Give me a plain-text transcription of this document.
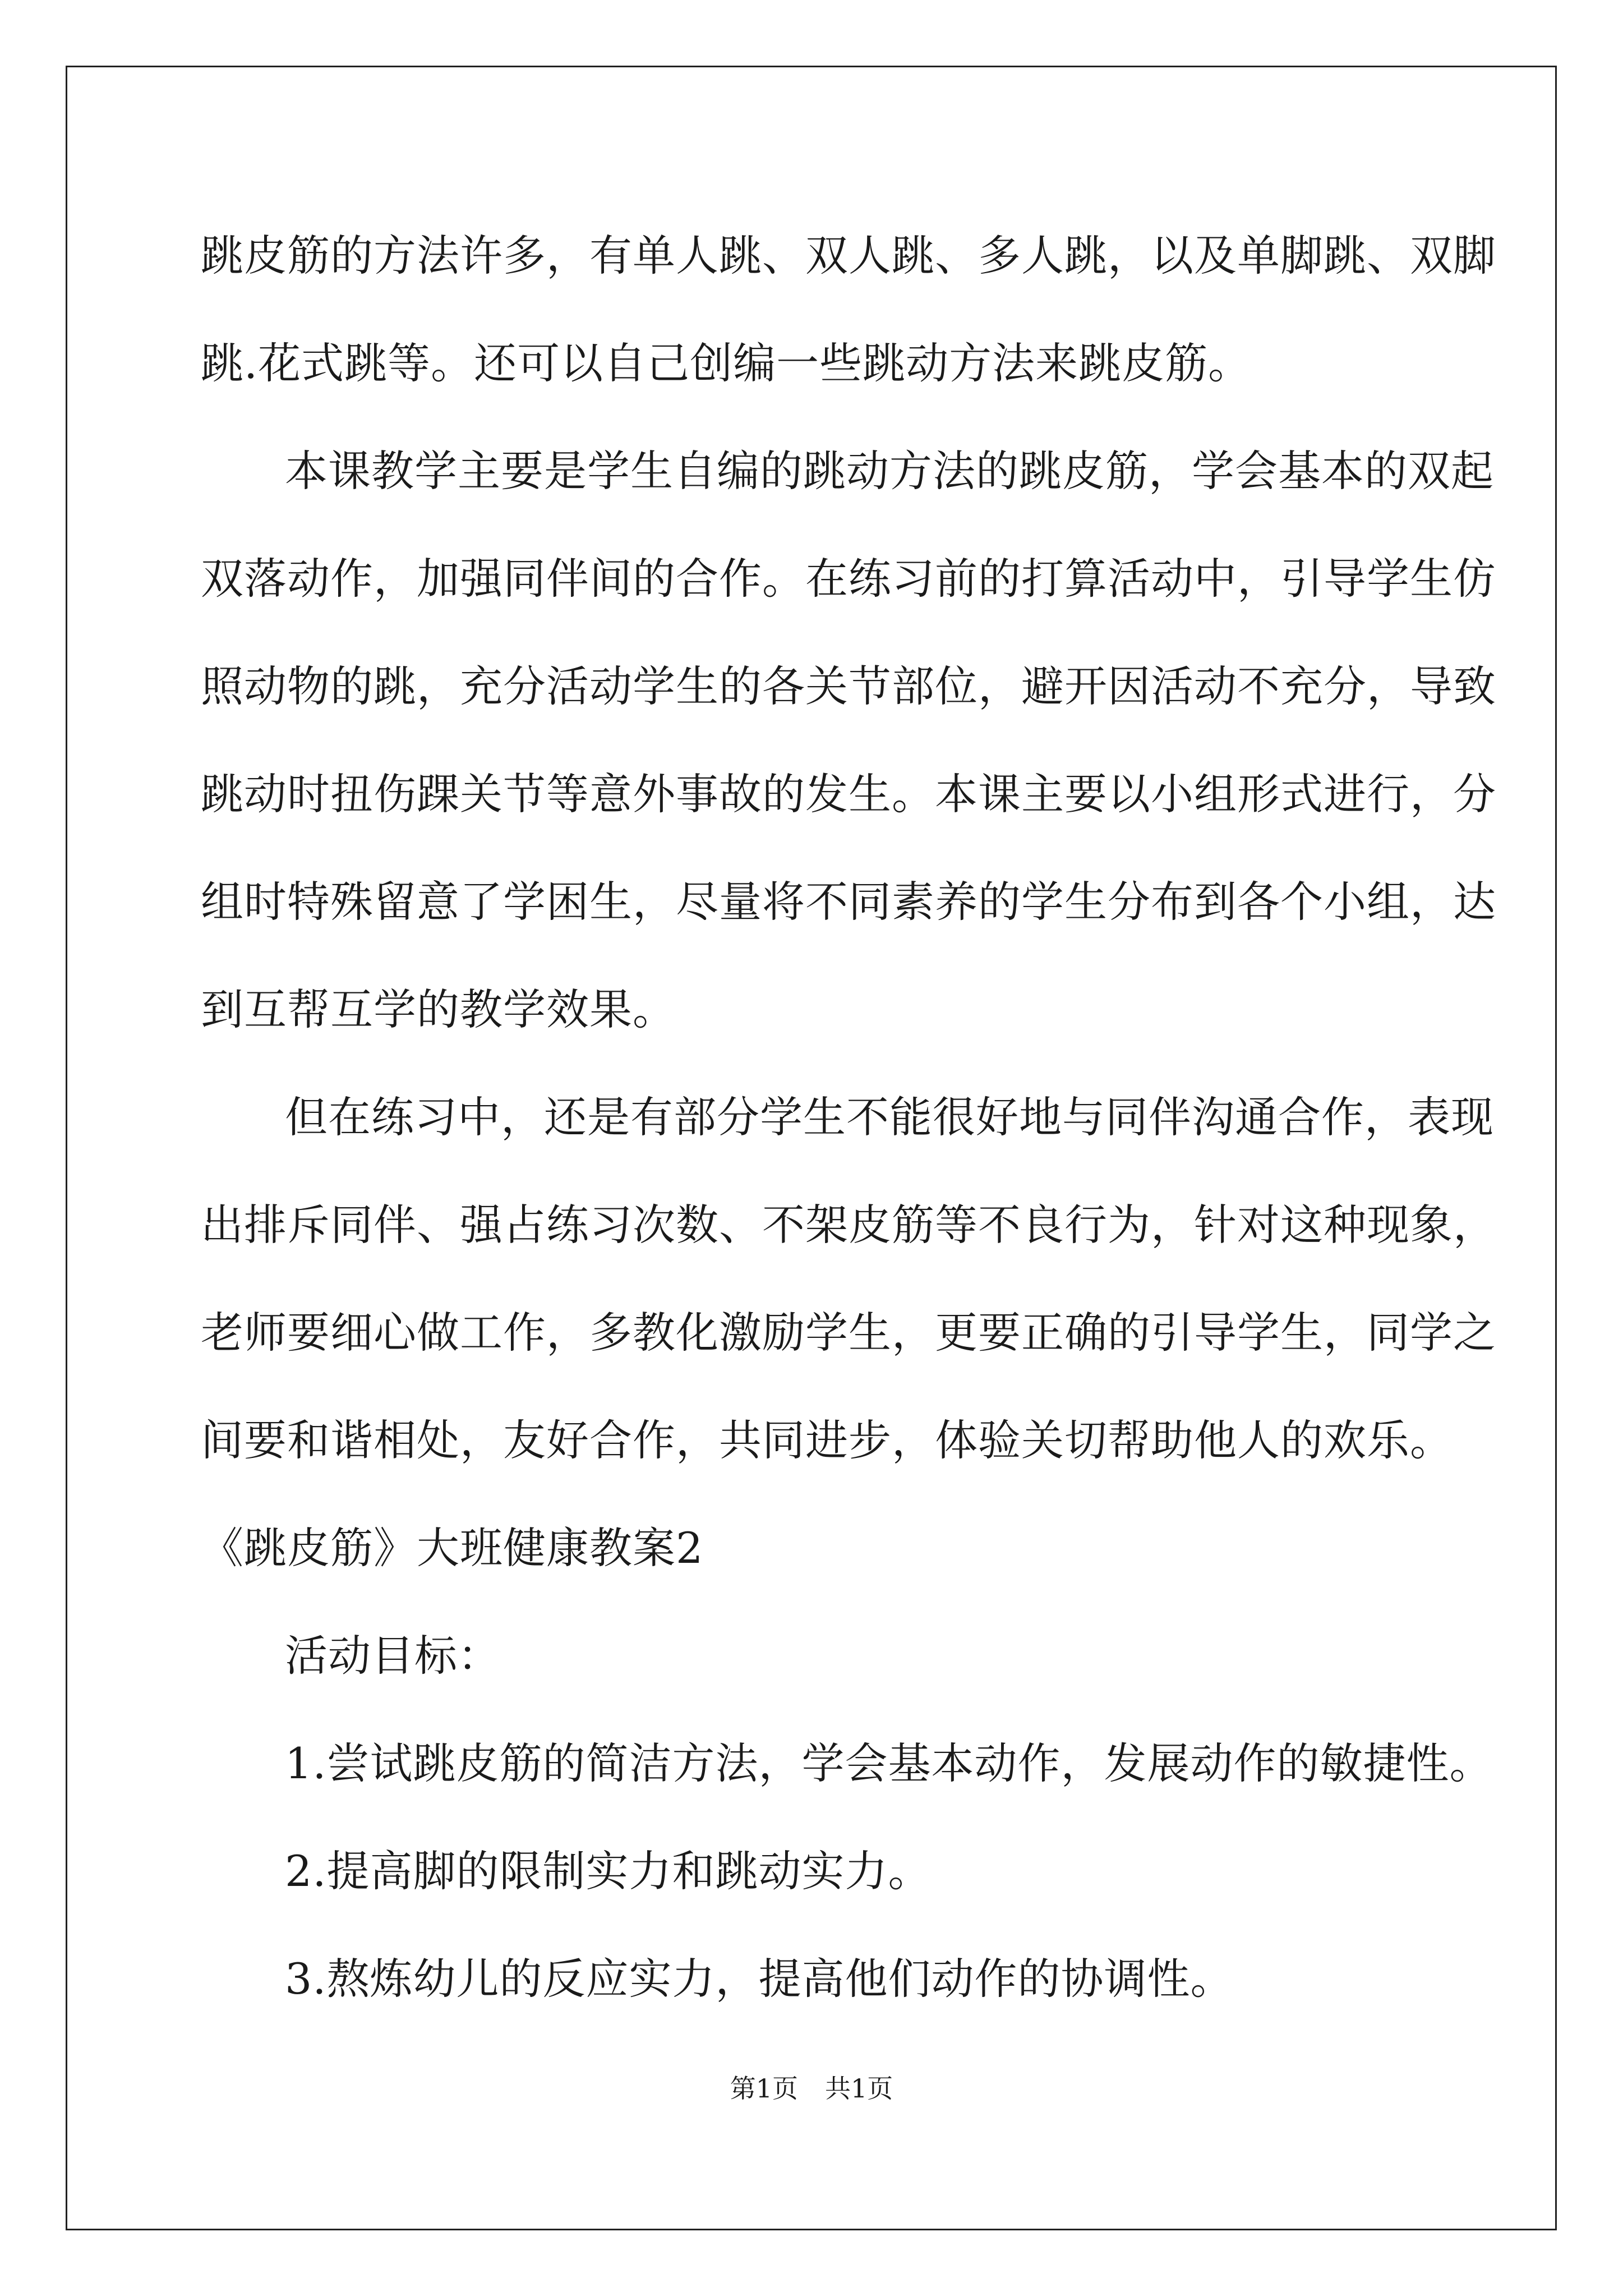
跳皮筋的方法许多，有单人跳、双人跳、多人跳，以及单脚跳、双脚
跳.花式跳等。还可以自己创编一些跳动方法来跳皮筋。
本课教学主要是学生自编的跳动方法的跳皮筋，学会基本的双起
双落动作，加强同伴间的合作。在练习前的打算活动中，引导学生仿
照动物的跳，充分活动学生的各关节部位，避开因活动不充分，导致
跳动时扭伤踝关节等意外事故的发生。本课主要以小组形式进行，分
组时特殊留意了学困生，尽量将不同素养的学生分布到各个小组，达
到互帮互学的教学效果。
但在练习中，还是有部分学生不能很好地与同伴沟通合作，表现
出排斥同伴、强占练习次数、不架皮筋等不良行为，针对这种现象，
老师要细心做工作，多教化激励学生，更要正确的引导学生，同学之
间要和谐相处，友好合作，共同进步，体验关切帮助他人的欢乐。
《跳皮筋》大班健康教案2
活动目标：
1.尝试跳皮筋的简洁方法，学会基本动作，发展动作的敏捷性。
2.提高脚的限制实力和跳动实力。
3.熬炼幼儿的反应实力，提高他们动作的协调性。
第1页 共1页
